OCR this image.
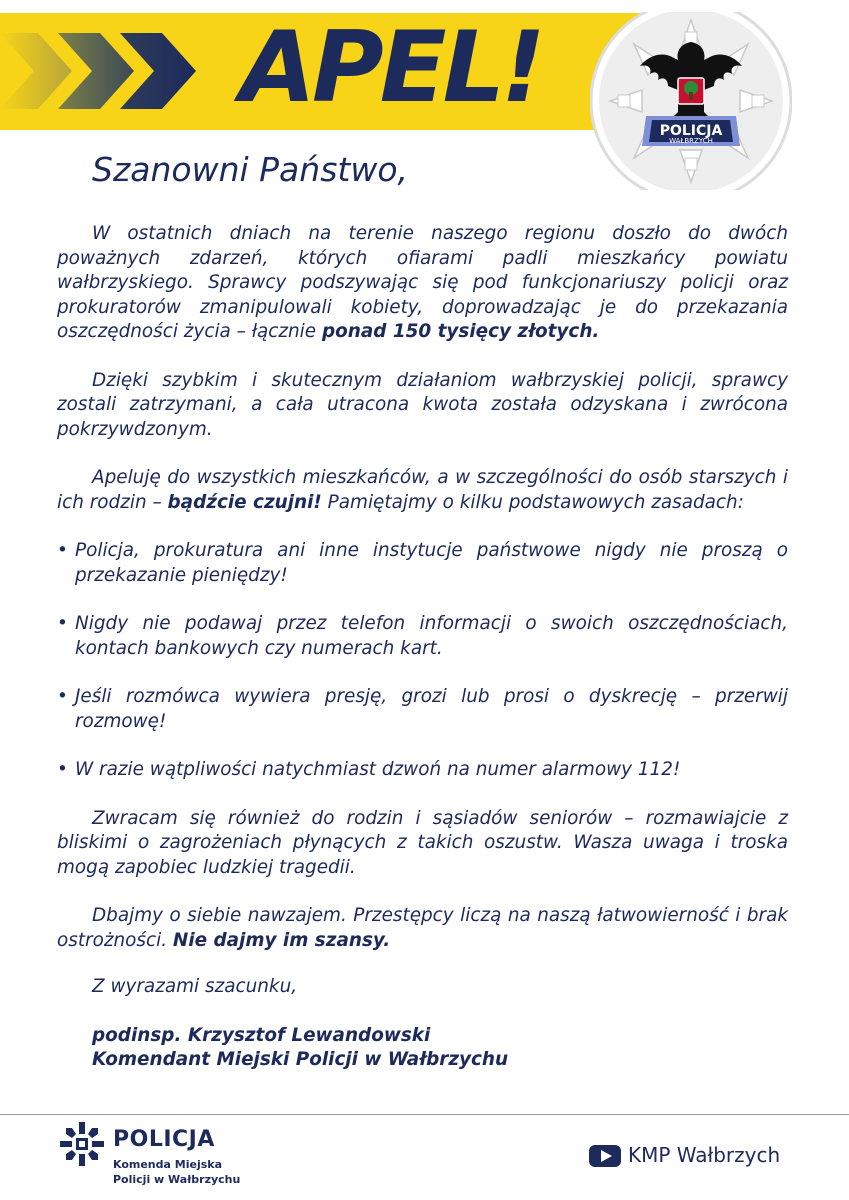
APEL!
POLICJA
WAŁBRZYCH
Szanowni Państwo,

W ostatnich dniach na terenie naszego regionu doszło do dwóch poważnych zdarzeń, których ofiarami padli mieszkańcy powiatu wałbrzyskiego. Sprawcy podszywając się pod funkcjonariuszy policji oraz prokuratorów zmanipulowali kobiety, doprowadzając je do przekazania oszczędności życia – łącznie ponad 150 tysięcy złotych.

Dzięki szybkim i skutecznym działaniom wałbrzyskiej policji, sprawcy zostali zatrzymani, a cała utracona kwota została odzyskana i zwrócona pokrzywdzonym.

Apeluję do wszystkich mieszkańców, a w szczególności do osób starszych i ich rodzin – bądźcie czujni! Pamiętajmy o kilku podstawowych zasadach:

• Policja, prokuratura ani inne instytucje państwowe nigdy nie proszą o przekazanie pieniędzy!
• Nigdy nie podawaj przez telefon informacji o swoich oszczędnościach, kontach bankowych czy numerach kart.
• Jeśli rozmówca wywiera presję, grozi lub prosi o dyskrecję – przerwij rozmowę!
• W razie wątpliwości natychmiast dzwoń na numer alarmowy 112!

Zwracam się również do rodzin i sąsiadów seniorów – rozmawiajcie z bliskimi o zagrożeniach płynących z takich oszustw. Wasza uwaga i troska mogą zapobiec ludzkiej tragedii.

Dbajmy o siebie nawzajem. Przestępcy liczą na naszą łatwowierność i brak ostrożności. Nie dajmy im szansy.

Z wyrazami szacunku,
podinsp. Krzysztof Lewandowski
Komendant Miejski Policji w Wałbrzychu
POLICJA
Komenda Miejska
Policji w Wałbrzychu
KMP Wałbrzych
